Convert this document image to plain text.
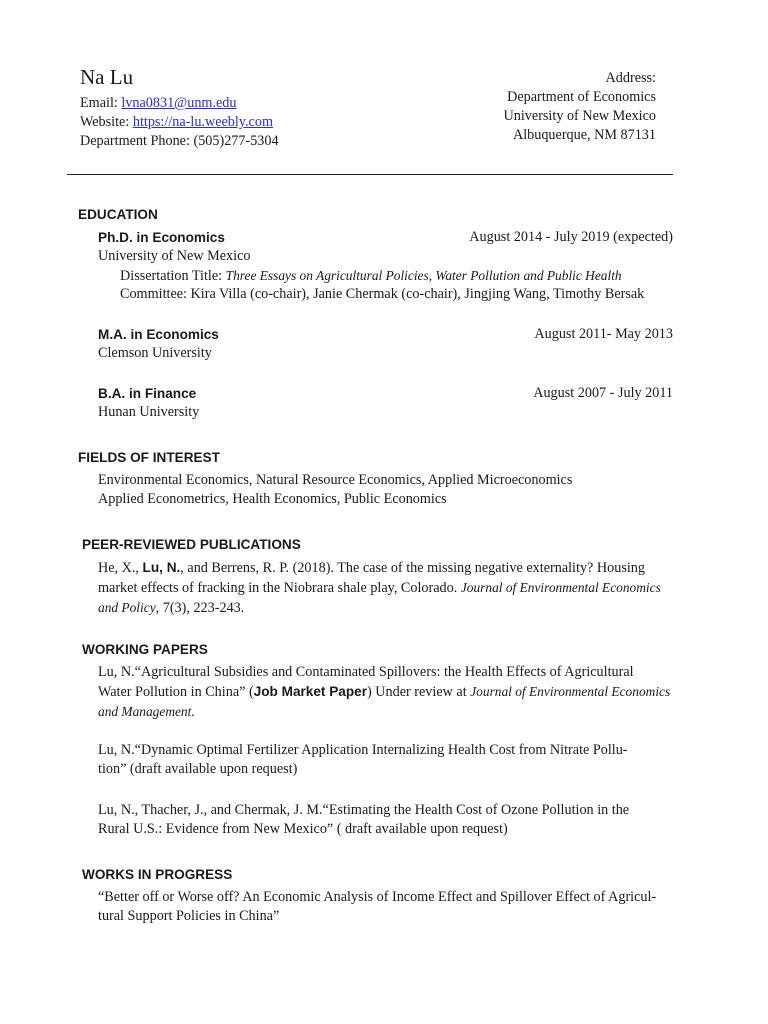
Na Lu
Email: lvna0831@unm.edu
Website: https://na-lu.weebly.com
Department Phone: (505)277-5304
Address:
Department of Economics
University of New Mexico
Albuquerque, NM 87131
EDUCATION
Ph.D. in Economics	August 2014 - July 2019 (expected)
University of New Mexico
Dissertation Title: Three Essays on Agricultural Policies, Water Pollution and Public Health
Committee: Kira Villa (co-chair), Janie Chermak (co-chair), Jingjing Wang, Timothy Bersak
M.A. in Economics	August 2011- May 2013
Clemson University
B.A. in Finance	August 2007 - July 2011
Hunan University
FIELDS OF INTEREST
Environmental Economics, Natural Resource Economics, Applied Microeconomics
Applied Econometrics, Health Economics, Public Economics
PEER-REVIEWED PUBLICATIONS
He, X., Lu, N., and Berrens, R. P. (2018). The case of the missing negative externality? Housing
market effects of fracking in the Niobrara shale play, Colorado. Journal of Environmental Economics
and Policy, 7(3), 223-243.
WORKING PAPERS
Lu, N.“Agricultural Subsidies and Contaminated Spillovers: the Health Effects of Agricultural
Water Pollution in China” (Job Market Paper) Under review at Journal of Environmental Economics
and Management.
Lu, N.“Dynamic Optimal Fertilizer Application Internalizing Health Cost from Nitrate Pollu-
tion” (draft available upon request)
Lu, N., Thacher, J., and Chermak, J. M.“Estimating the Health Cost of Ozone Pollution in the
Rural U.S.: Evidence from New Mexico” ( draft available upon request)
WORKS IN PROGRESS
“Better off or Worse off? An Economic Analysis of Income Effect and Spillover Effect of Agricul-
tural Support Policies in China”
